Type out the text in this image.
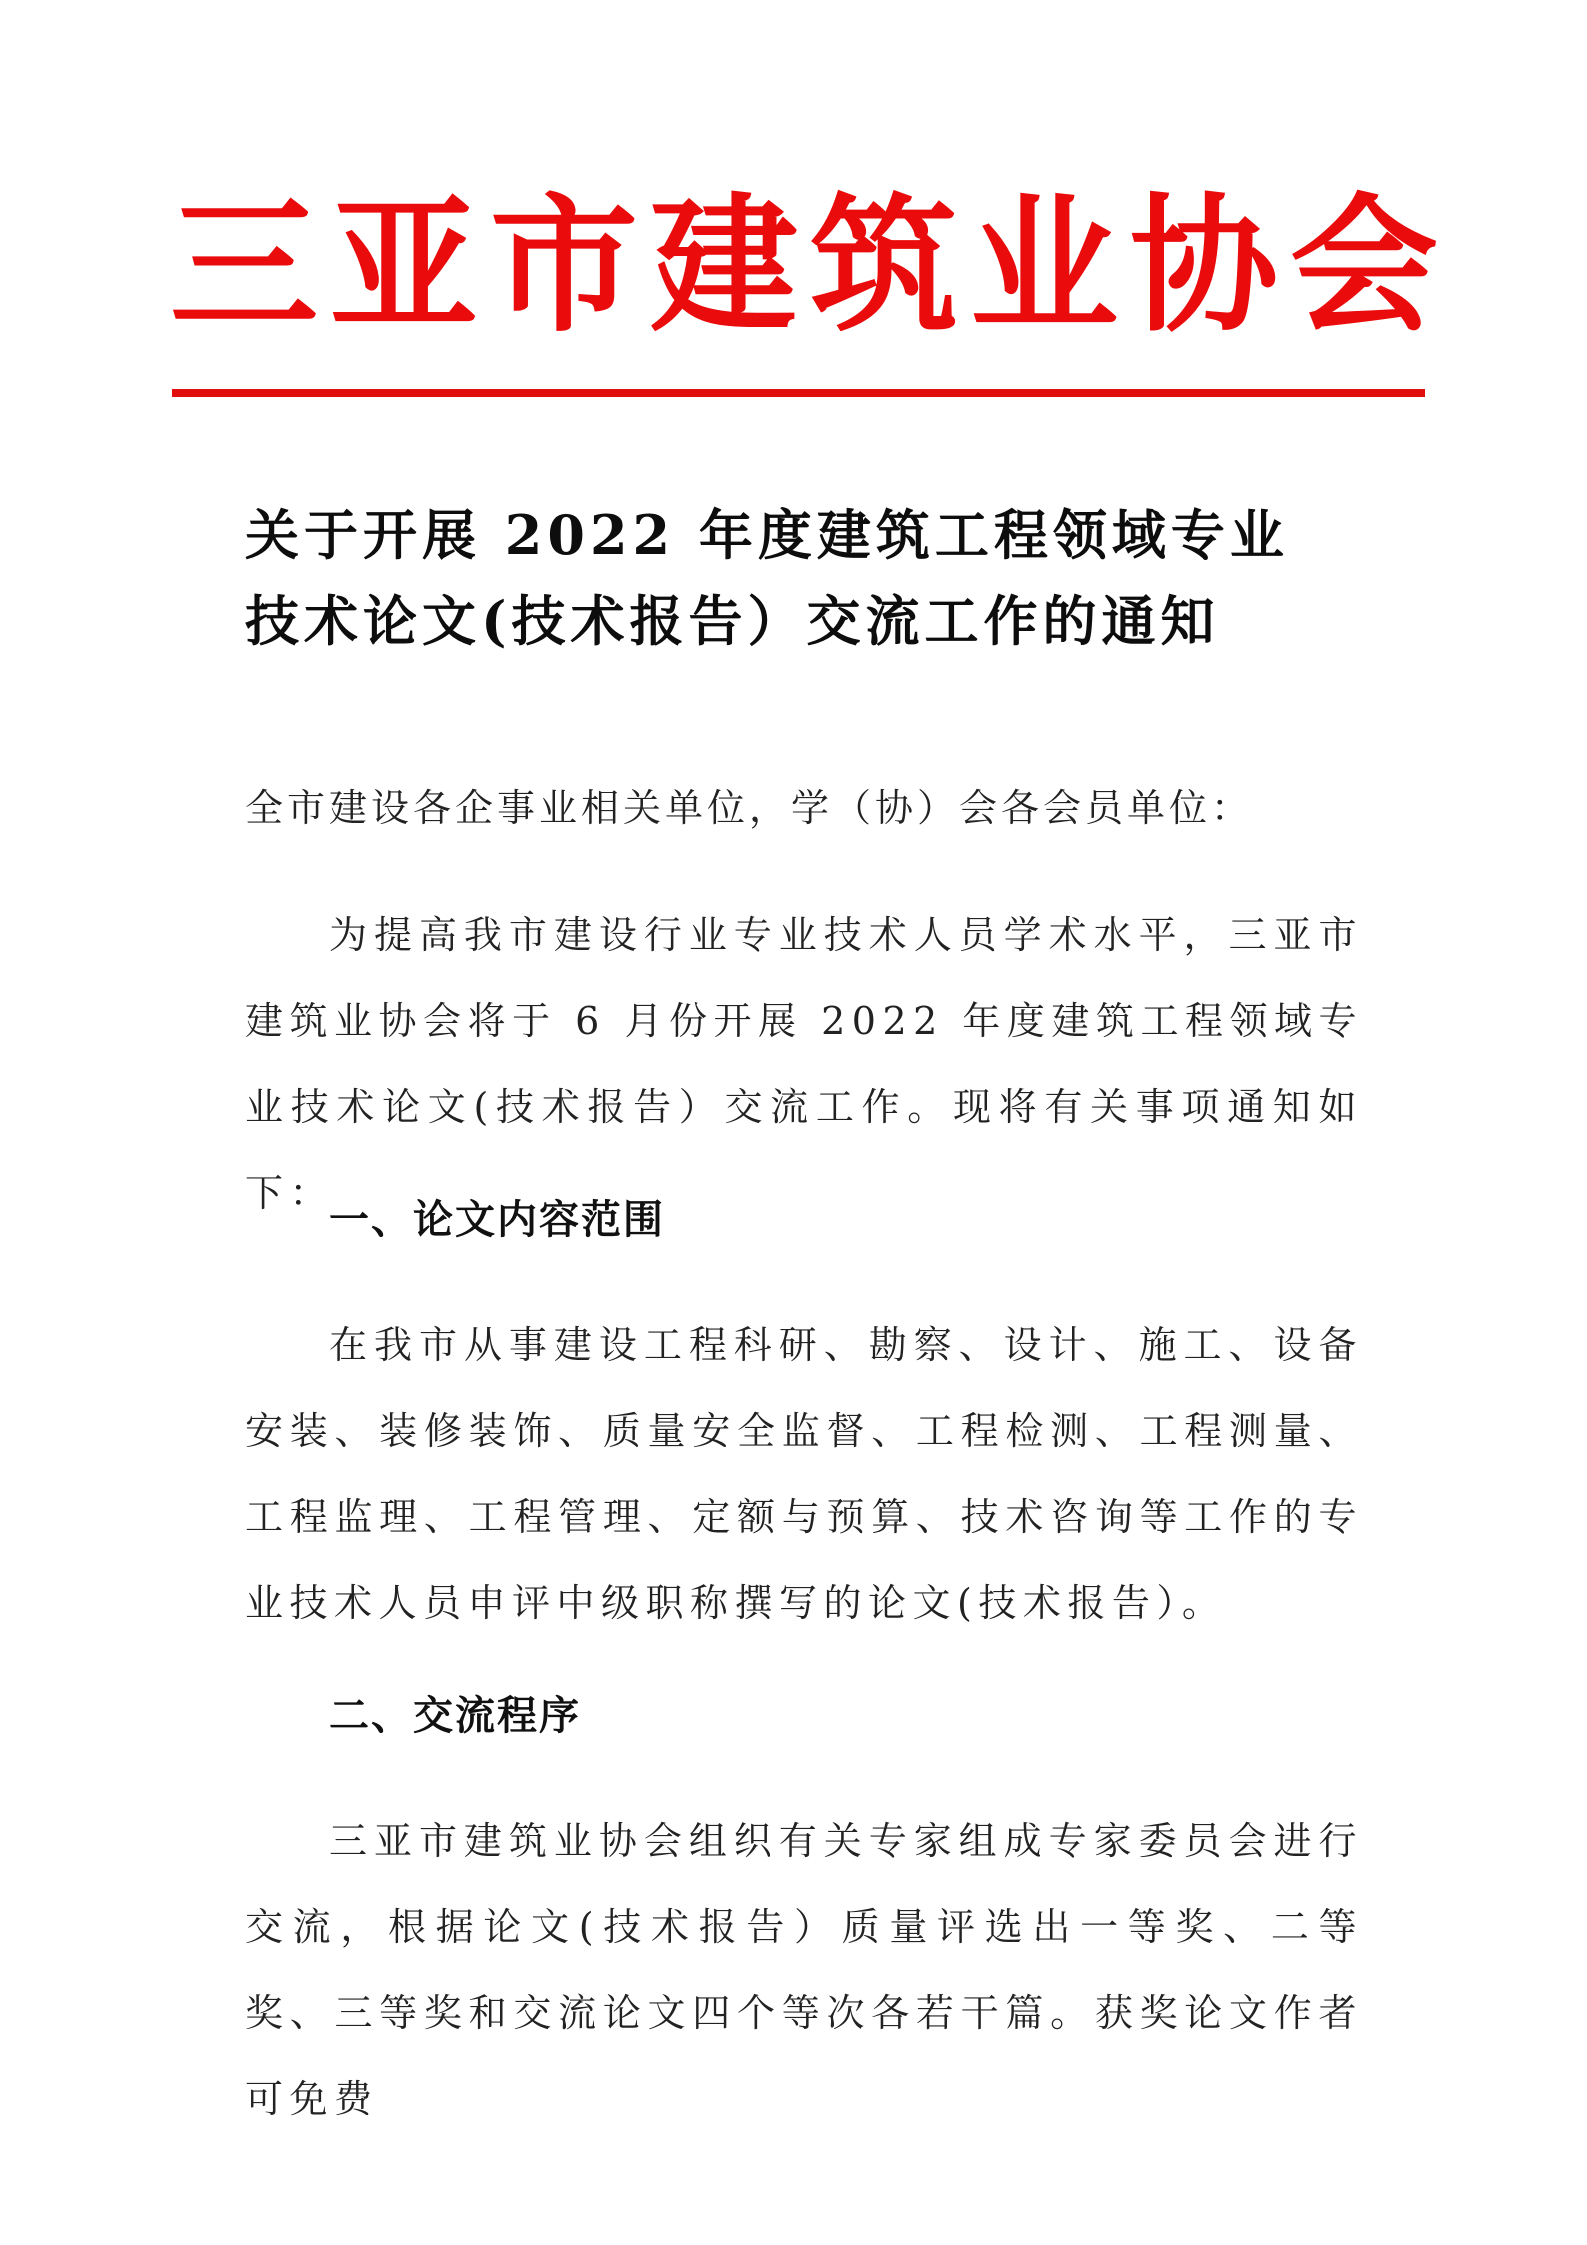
三亚市建筑业协会
关于开展 2022 年度建筑工程领域专业
技术论文(技术报告）交流工作的通知
全市建设各企事业相关单位，学（协）会各会员单位：
为提高我市建设行业专业技术人员学术水平，三亚市建筑业协会将于 6 月份开展 2022 年度建筑工程领域专业技术论文(技术报告）交流工作。现将有关事项通知如下：
一、论文内容范围
在我市从事建设工程科研、勘察、设计、施工、设备安装、装修装饰、质量安全监督、工程检测、工程测量、工程监理、工程管理、定额与预算、技术咨询等工作的专业技术人员申评中级职称撰写的论文(技术报告）。
二、交流程序
三亚市建筑业协会组织有关专家组成专家委员会进行交流，根据论文(技术报告）质量评选出一等奖、二等奖、三等奖和交流论文四个等次各若干篇。获奖论文作者可免费
